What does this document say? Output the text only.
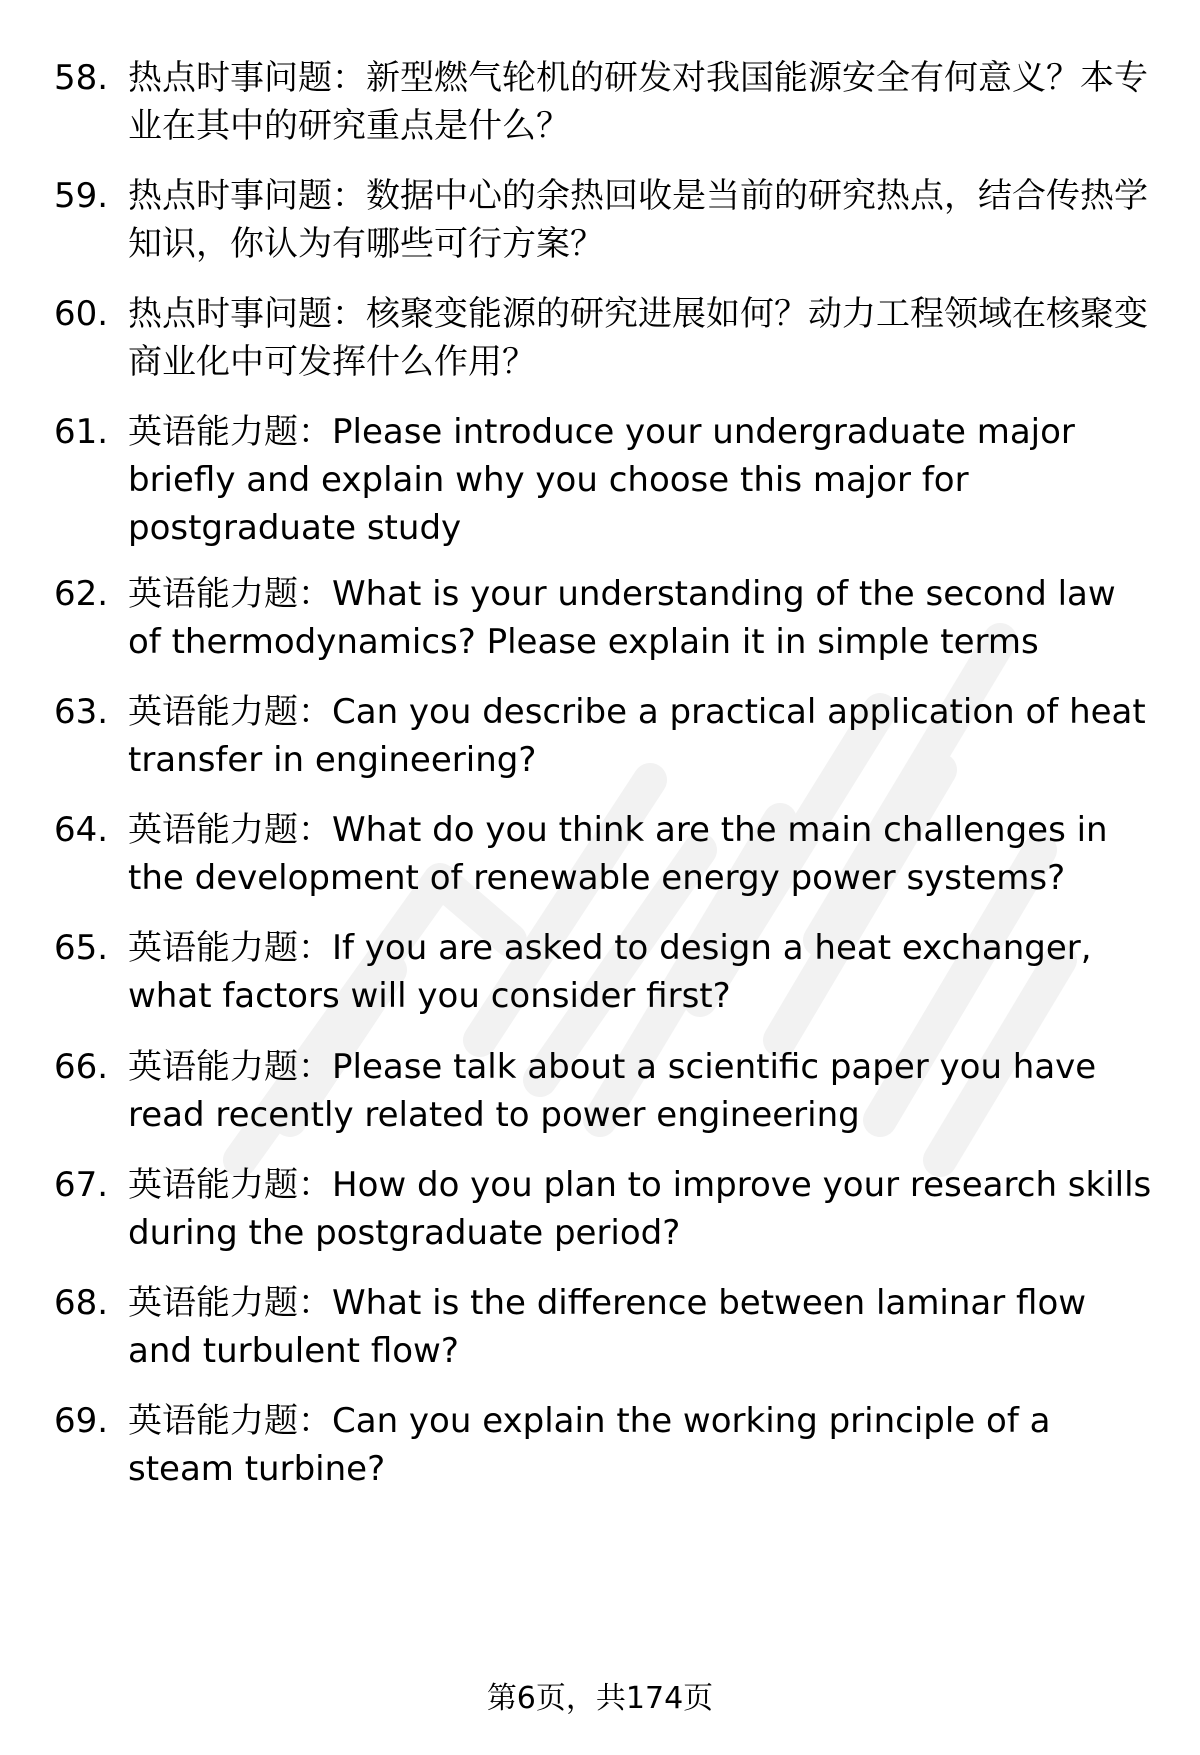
58. 热点时事问题：新型燃气轮机的研发对我国能源安全有何意义？本专业在其中的研究重点是什么？
59. 热点时事问题：数据中心的余热回收是当前的研究热点，结合传热学知识，你认为有哪些可行方案？
60. 热点时事问题：核聚变能源的研究进展如何？动力工程领域在核聚变商业化中可发挥什么作用？
61. 英语能力题：Please introduce your undergraduate major briefly and explain why you choose this major for postgraduate study
62. 英语能力题：What is your understanding of the second law of thermodynamics? Please explain it in simple terms
63. 英语能力题：Can you describe a practical application of heat transfer in engineering?
64. 英语能力题：What do you think are the main challenges in the development of renewable energy power systems?
65. 英语能力题：If you are asked to design a heat exchanger, what factors will you consider first?
66. 英语能力题：Please talk about a scientific paper you have read recently related to power engineering
67. 英语能力题：How do you plan to improve your research skills during the postgraduate period?
68. 英语能力题：What is the difference between laminar flow and turbulent flow?
69. 英语能力题：Can you explain the working principle of a steam turbine?
第6页，共174页
